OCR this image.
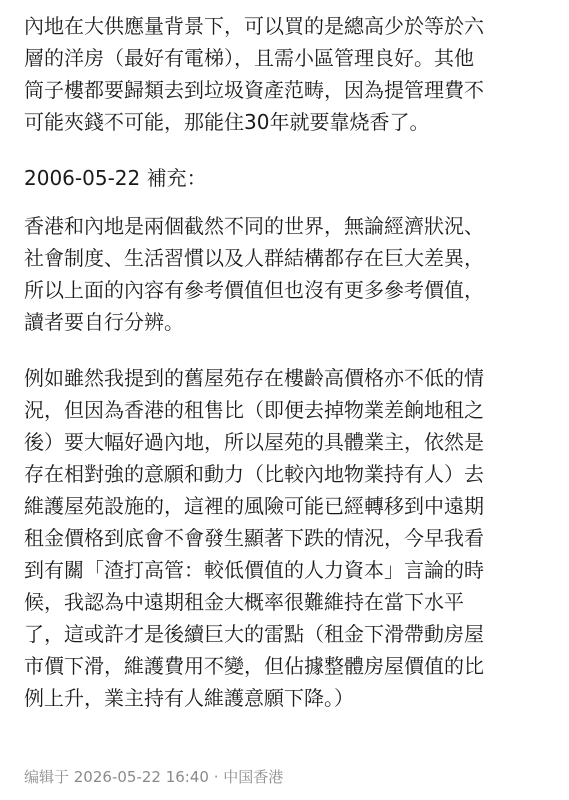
內地在大供應量背景下，可以買的是總高少於等於六
層的洋房（最好有電梯），且需小區管理良好。其他
筒子樓都要歸類去到垃圾資產范畴，因為提管理費不
可能夾錢不可能，那能住30年就要靠烧香了。
2006-05-22 補充：
香港和內地是兩個截然不同的世界，無論經濟狀況、
社會制度、生活習慣以及人群結構都存在巨大差異，
所以上面的內容有參考價值但也沒有更多參考價值，
讀者要自行分辨。
例如雖然我提到的舊屋苑存在樓齡高價格亦不低的情
況，但因為香港的租售比（即便去掉物業差餉地租之
後）要大幅好過內地，所以屋苑的具體業主，依然是
存在相對強的意願和動力（比較內地物業持有人）去
維護屋苑設施的，這裡的風險可能已經轉移到中遠期
租金價格到底會不會發生顯著下跌的情況，今早我看
到有關「渣打高管：較低價值的人力資本」言論的時
候，我認為中遠期租金大概率很難維持在當下水平
了，這或許才是後續巨大的雷點（租金下滑帶動房屋
市價下滑，維護費用不變，但佔據整體房屋價值的比
例上升，業主持有人維護意願下降。）
编辑于 2026-05-22 16:40 · 中国香港
